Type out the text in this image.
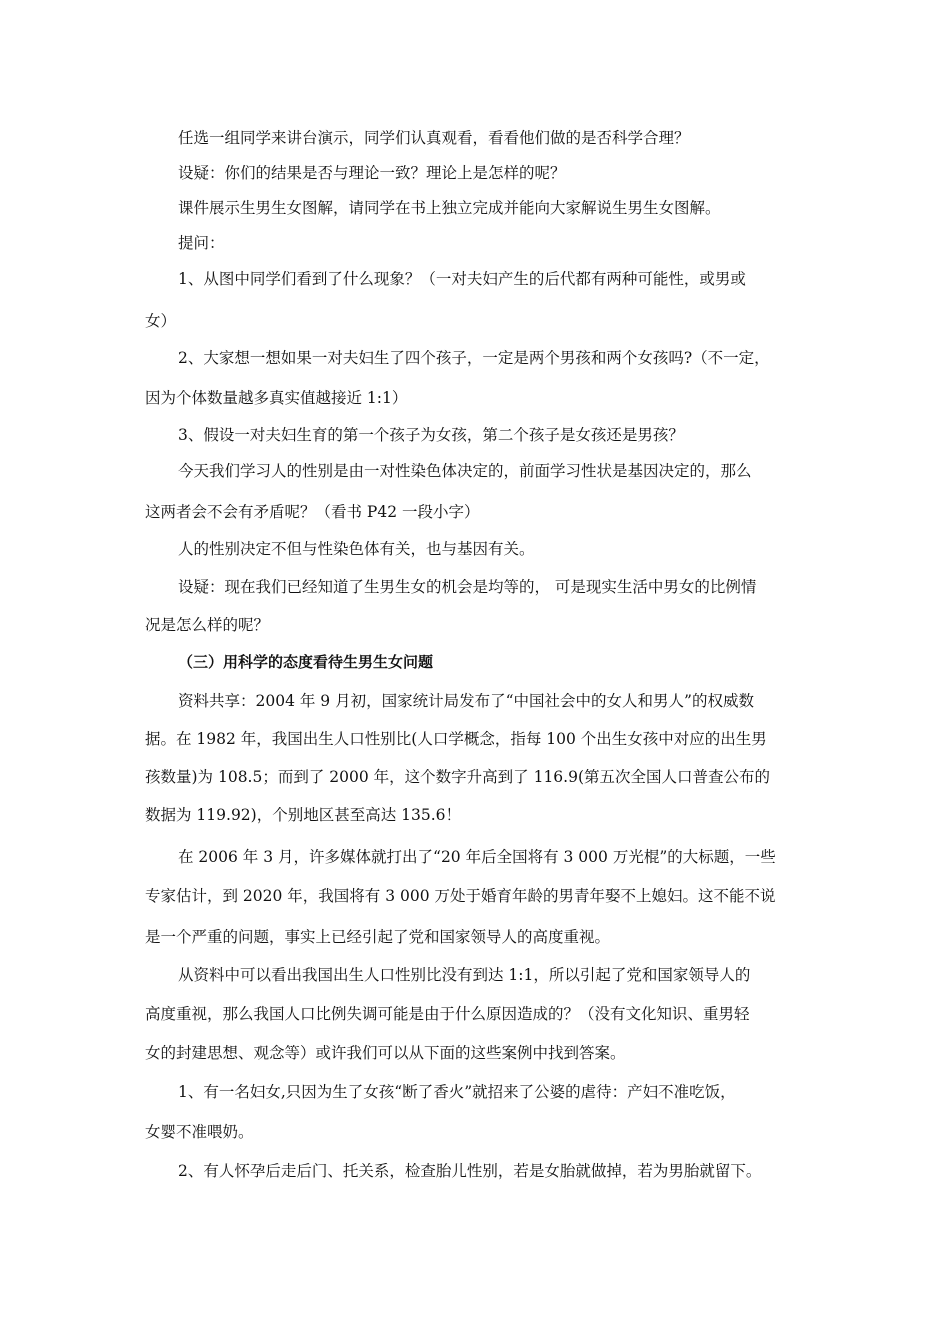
任选一组同学来讲台演示，同学们认真观看，看看他们做的是否科学合理？

设疑：你们的结果是否与理论一致？理论上是怎样的呢？

课件展示生男生女图解，请同学在书上独立完成并能向大家解说生男生女图解。

提问：

1、从图中同学们看到了什么现象？（一对夫妇产生的后代都有两种可能性，或男或

女）

2、大家想一想如果一对夫妇生了四个孩子，一定是两个男孩和两个女孩吗?（不一定，

因为个体数量越多真实值越接近 1:1）

3、假设一对夫妇生育的第一个孩子为女孩，第二个孩子是女孩还是男孩？

今天我们学习人的性别是由一对性染色体决定的，前面学习性状是基因决定的，那么

这两者会不会有矛盾呢？（看书 P42 一段小字）

人的性别决定不但与性染色体有关，也与基因有关。

设疑：现在我们已经知道了生男生女的机会是均等的， 可是现实生活中男女的比例情

况是怎么样的呢？

（三）用科学的态度看待生男生女问题

资料共享：2004 年 9 月初，国家统计局发布了“中国社会中的女人和男人”的权威数

据。在 1982 年，我国出生人口性别比(人口学概念，指每 100 个出生女孩中对应的出生男

孩数量)为 108.5；而到了 2000 年，这个数字升高到了 116.9(第五次全国人口普查公布的

数据为 119.92)，个别地区甚至高达 135.6！

在 2006 年 3 月，许多媒体就打出了“20 年后全国将有 3 000 万光棍”的大标题，一些

专家估计，到 2020 年，我国将有 3 000 万处于婚育年龄的男青年娶不上媳妇。这不能不说

是一个严重的问题，事实上已经引起了党和国家领导人的高度重视。

从资料中可以看出我国出生人口性别比没有到达 1:1，所以引起了党和国家领导人的

高度重视，那么我国人口比例失调可能是由于什么原因造成的？（没有文化知识、重男轻

女的封建思想、观念等）或许我们可以从下面的这些案例中找到答案。

1、有一名妇女,只因为生了女孩“断了香火”就招来了公婆的虐待：产妇不准吃饭，

女婴不准喂奶。

2、有人怀孕后走后门、托关系，检查胎儿性别，若是女胎就做掉，若为男胎就留下。
